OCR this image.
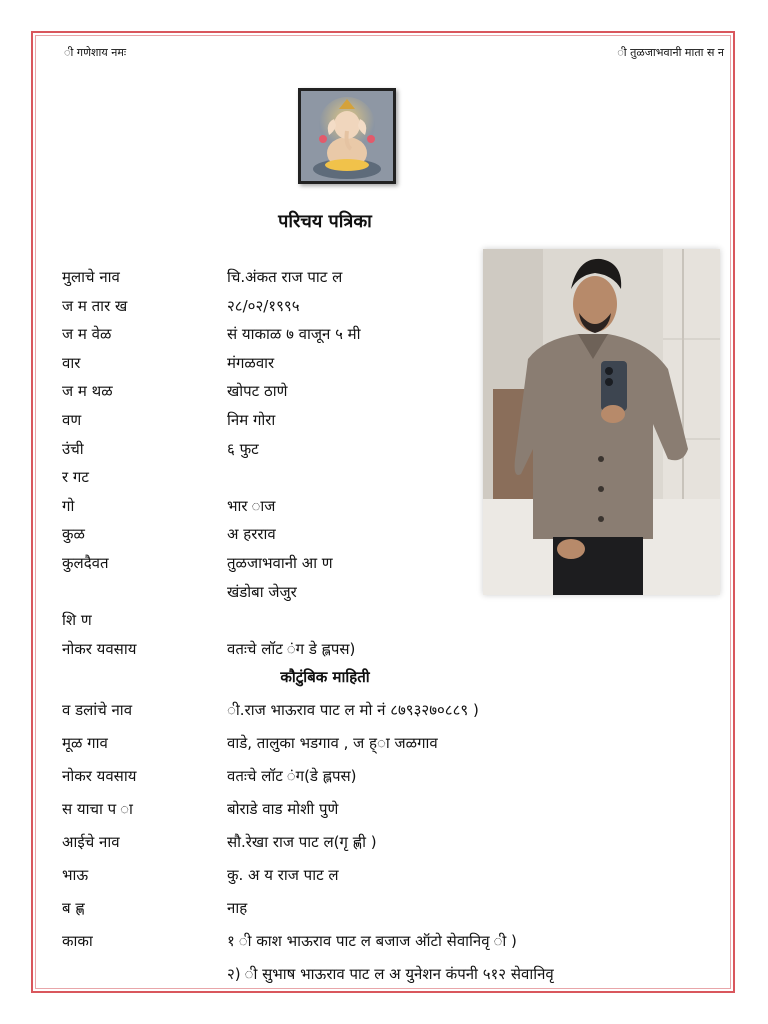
ी गणेशाय नमः	ी तुळजाभवानी माता स न
परिचय पत्रिका
मुलाचे नाव	चि.अंकत राज पाट ल
ज म तार ख	२८/०२/१९९५
ज म वेळ	सं याकाळ ७ वाजून ५ मी
वार	मंगळवार
ज म थळ	खोपट ठाणे
वण	निम गोरा
उंची	६ फुट
र गट
गो	भार ाज
कुळ	अ हरराव
कुलदैवत	तुळजाभवानी आ ण
खंडोबा जेजुर
शि ण
नोकर यवसाय	वतःचे लॉट ंग डे ह्लपस)
कौटुंबिक माहिती
व डलांचे नाव	ी.राज भाऊराव पाट ल मो नं ८७९३२७०८८९ )
मूळ गाव	वाडे, तालुका भडगाव , ज ह्ा जळगाव
नोकर यवसाय	वतःचे लॉट ंग(डे ह्लपस)
स याचा प ा	बोराडे वाड मोशी पुणे
आईचे नाव	सौ.रेखा राज पाट ल(गृ ह्णी )
भाऊ	कु. अ य राज पाट ल
ब ह्ण	नाह
काका	१ ी काश भाऊराव पाट ल बजाज ऑटो सेवानिवृ ी )
२) ी सुभाष भाऊराव पाट ल अ युनेशन कंपनी ५१२ सेवानिवृ
